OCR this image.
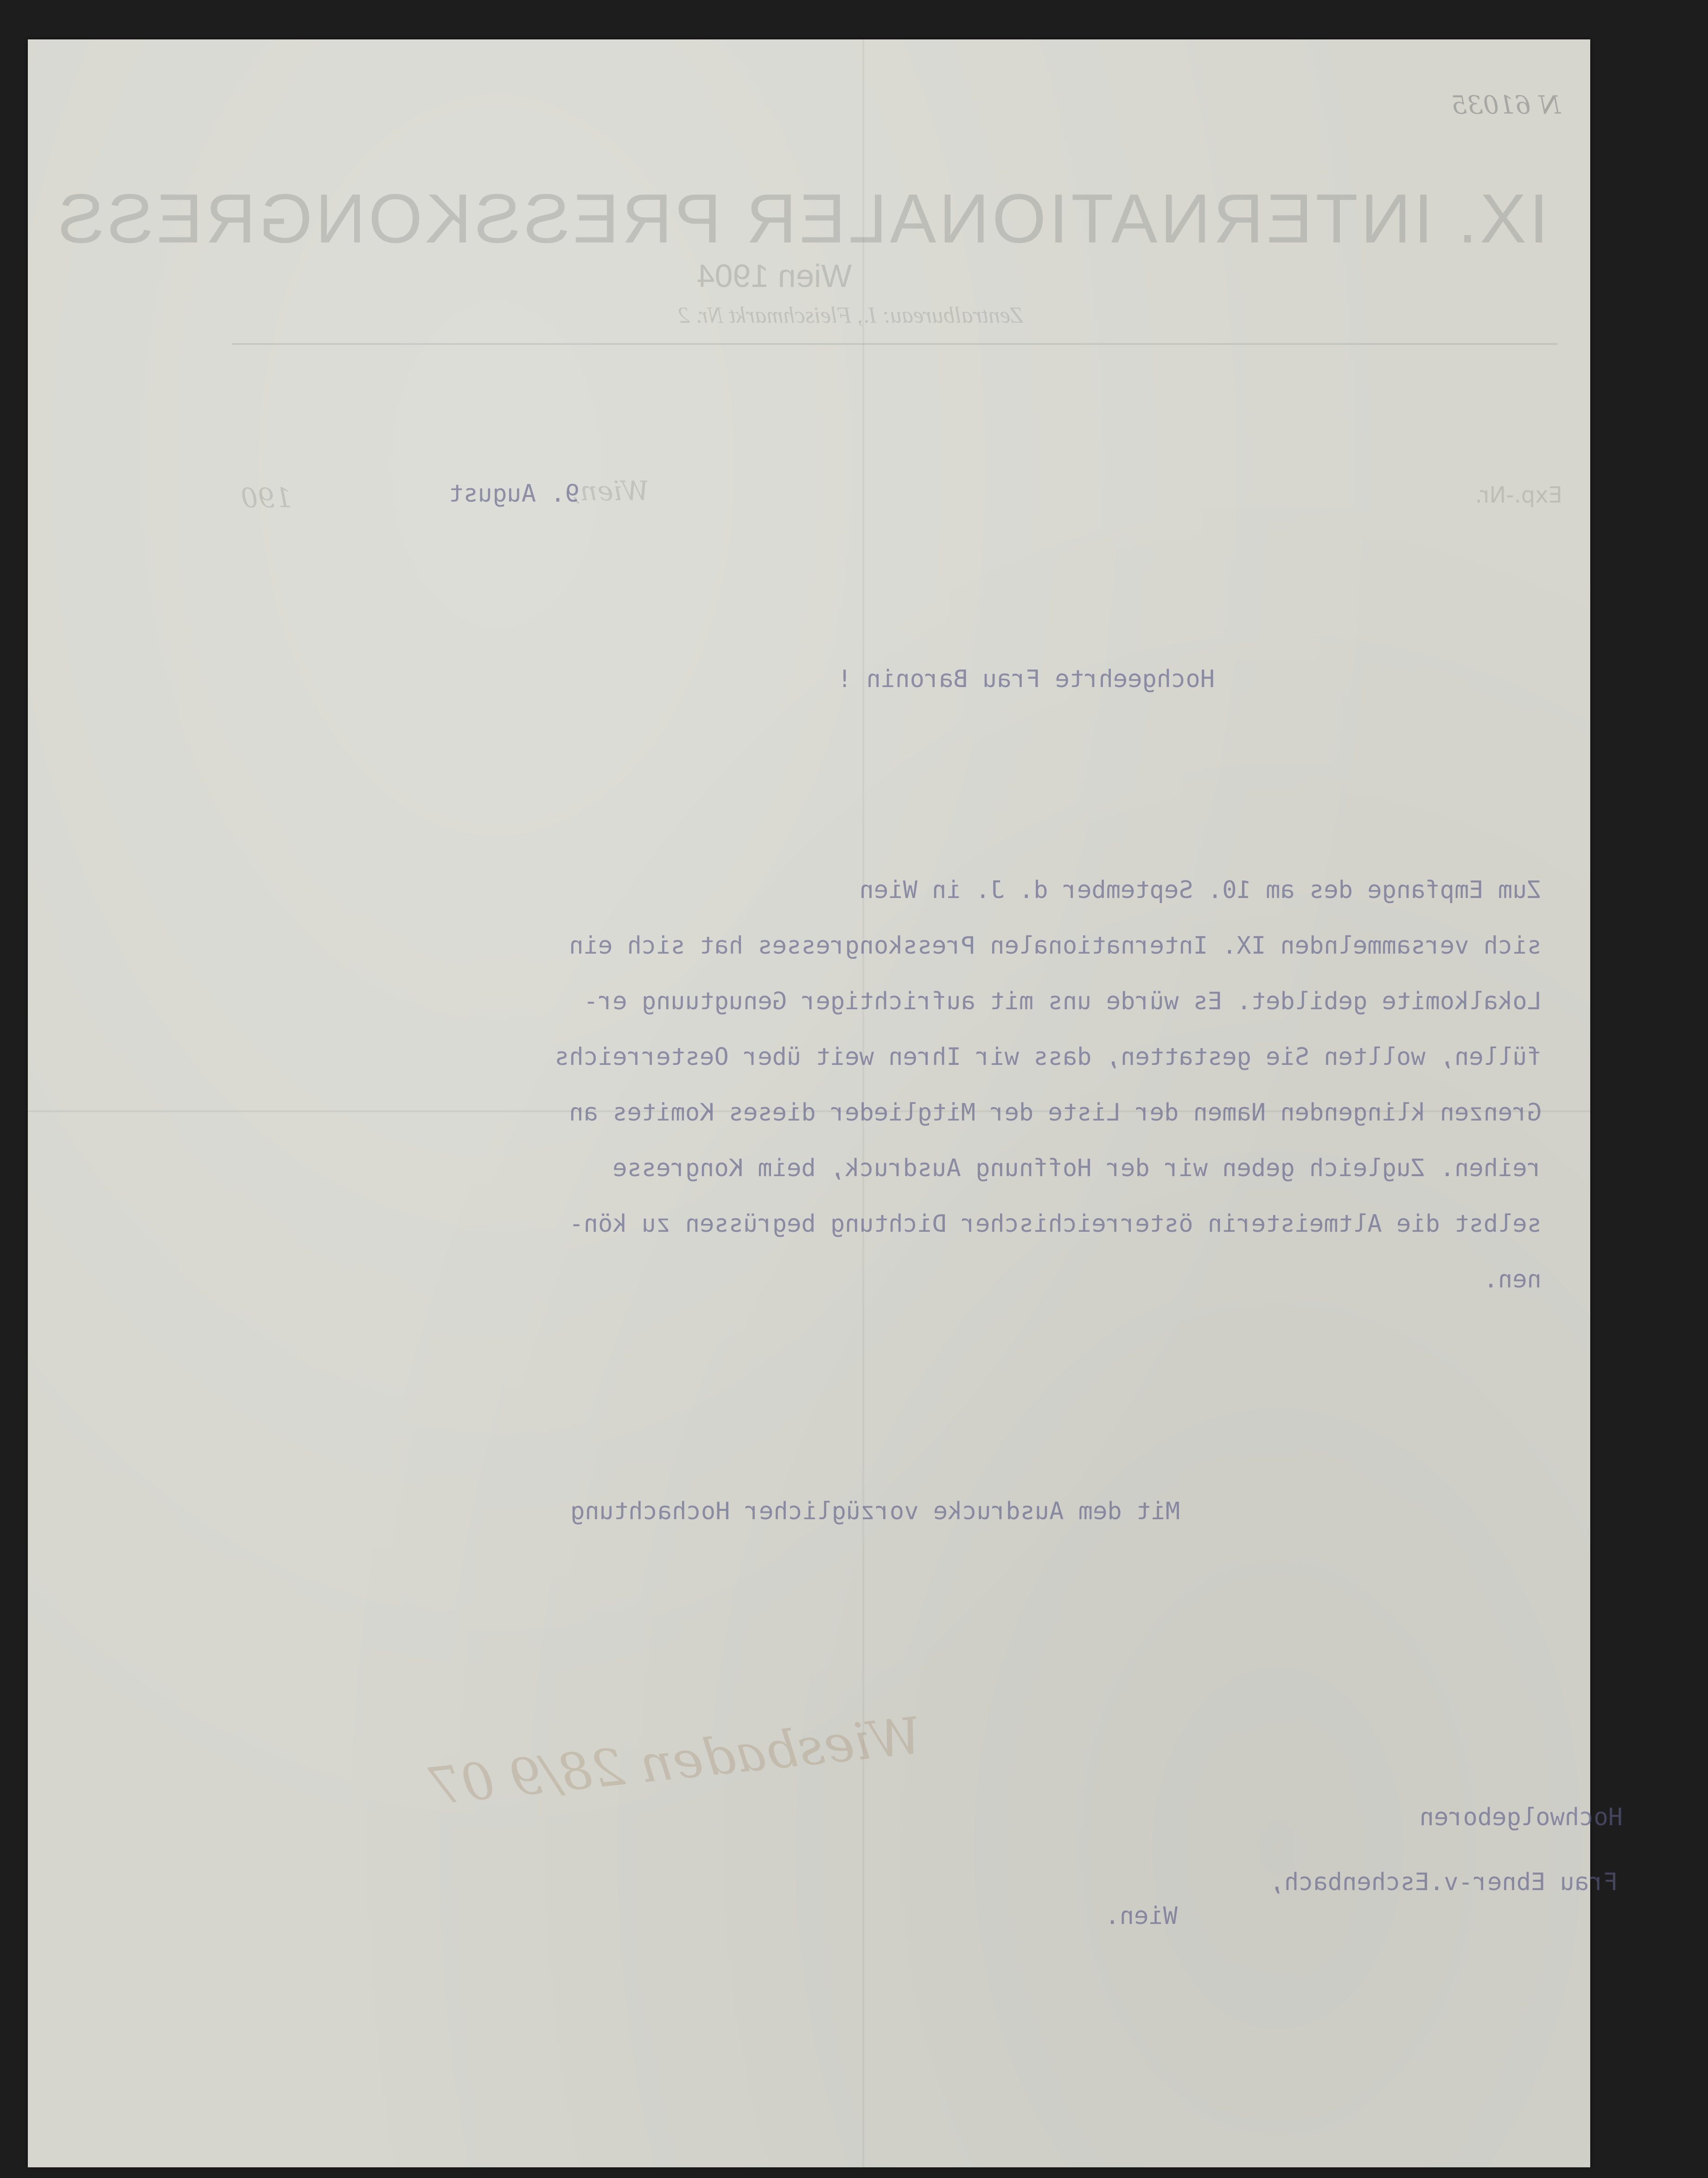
N 61035
IX. INTERNATIONALER PRESSKONGRESS
Wien 1904
Zentralbureau: I., Fleischmarkt Nr. 2
Exp.-Nr.
Wien,
190	9. August
Hochgeehrte Frau Baronin !
Zum Empfange des am 10. September d. J. in Wien
sich versammelnden IX. Internationalen Presskongresses hat sich ein
Lokalkomite gebildet. Es würde uns mit aufrichtiger Genugtuung er-
füllen, wollten Sie gestatten, dass wir Ihren weit über Oesterreichs
Grenzen klingenden Namen der Liste der Mitglieder dieses Komites an
reihen. Zugleich geben wir der Hoffnung Ausdruck, beim Kongresse
selbst die Altmeisterin österreichischer Dichtung begrüssen zu kön-
nen.
Mit dem Ausdrucke vorzüglicher Hochachtung
Wiesbaden 28/9 07
Hochwolgeboren
Frau Ebner-v.Eschenbach,
Wien.
